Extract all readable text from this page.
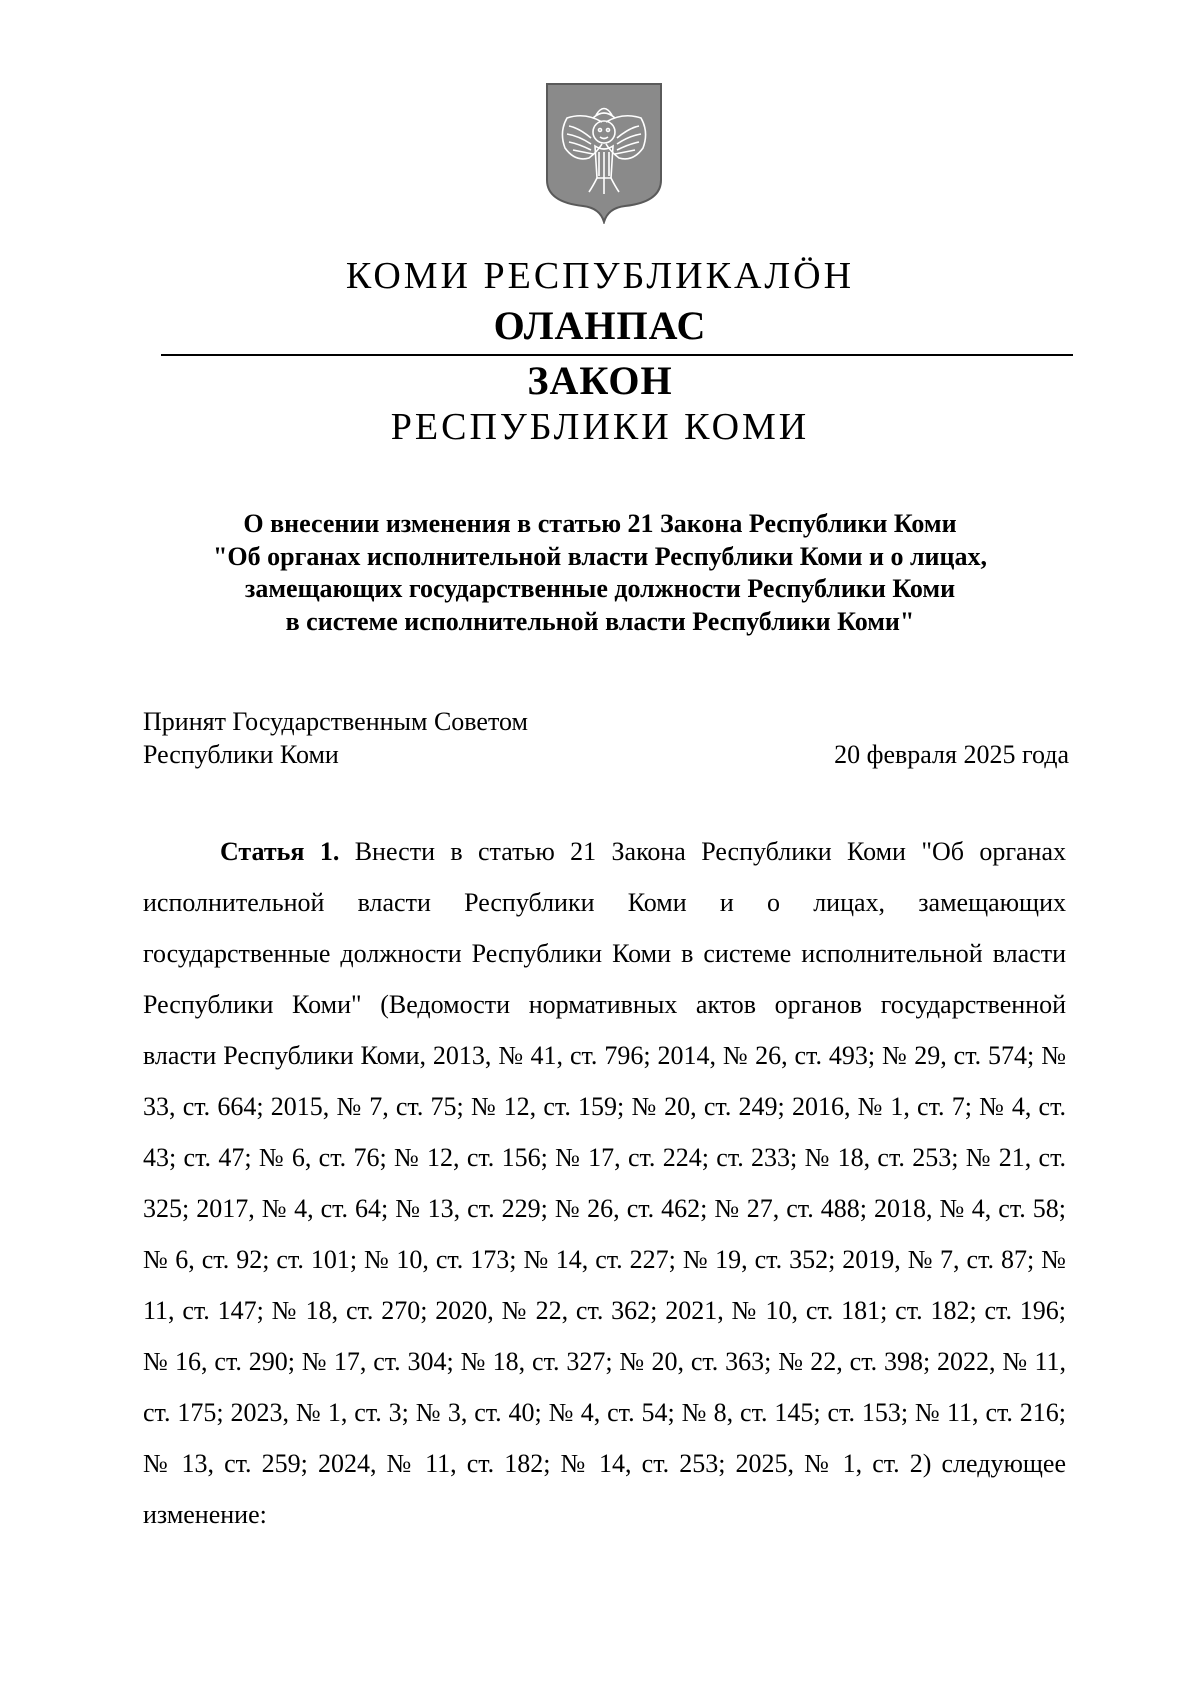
КОМИ РЕСПУБЛИКАЛÖН
ОЛАНПАС
ЗАКОН
РЕСПУБЛИКИ КОМИ
О внесении изменения в статью 21 Закона Республики Коми
"Об органах исполнительной власти Республики Коми и о лицах,
замещающих государственные должности Республики Коми
в системе исполнительной власти Республики Коми"
Принят Государственным Советом
Республики Коми	20 февраля 2025 года

Статья 1. Внести в статью 21 Закона Республики Коми "Об органах исполнительной власти Республики Коми и о лицах, замещающих государственные должности Республики Коми в системе исполнительной власти Республики Коми" (Ведомости нормативных актов органов государственной власти Республики Коми, 2013, № 41, ст. 796; 2014, № 26, ст. 493; № 29, ст. 574; № 33, ст. 664; 2015, № 7, ст. 75; № 12, ст. 159; № 20, ст. 249; 2016, № 1, ст. 7; № 4, ст. 43; ст. 47; № 6, ст. 76; № 12, ст. 156; № 17, ст. 224; ст. 233; № 18, ст. 253; № 21, ст. 325; 2017, № 4, ст. 64; № 13, ст. 229; № 26, ст. 462; № 27, ст. 488; 2018, № 4, ст. 58; № 6, ст. 92; ст. 101; № 10, ст. 173; № 14, ст. 227; № 19, ст. 352; 2019, № 7, ст. 87; № 11, ст. 147; № 18, ст. 270; 2020, № 22, ст. 362; 2021, № 10, ст. 181; ст. 182; ст. 196; № 16, ст. 290; № 17, ст. 304; № 18, ст. 327; № 20, ст. 363; № 22, ст. 398; 2022, № 11, ст. 175; 2023, № 1, ст. 3; № 3, ст. 40; № 4, ст. 54; № 8, ст. 145; ст. 153; № 11, ст. 216; № 13, ст. 259; 2024, № 11, ст. 182; № 14, ст. 253; 2025, № 1, ст. 2) следующее изменение:
